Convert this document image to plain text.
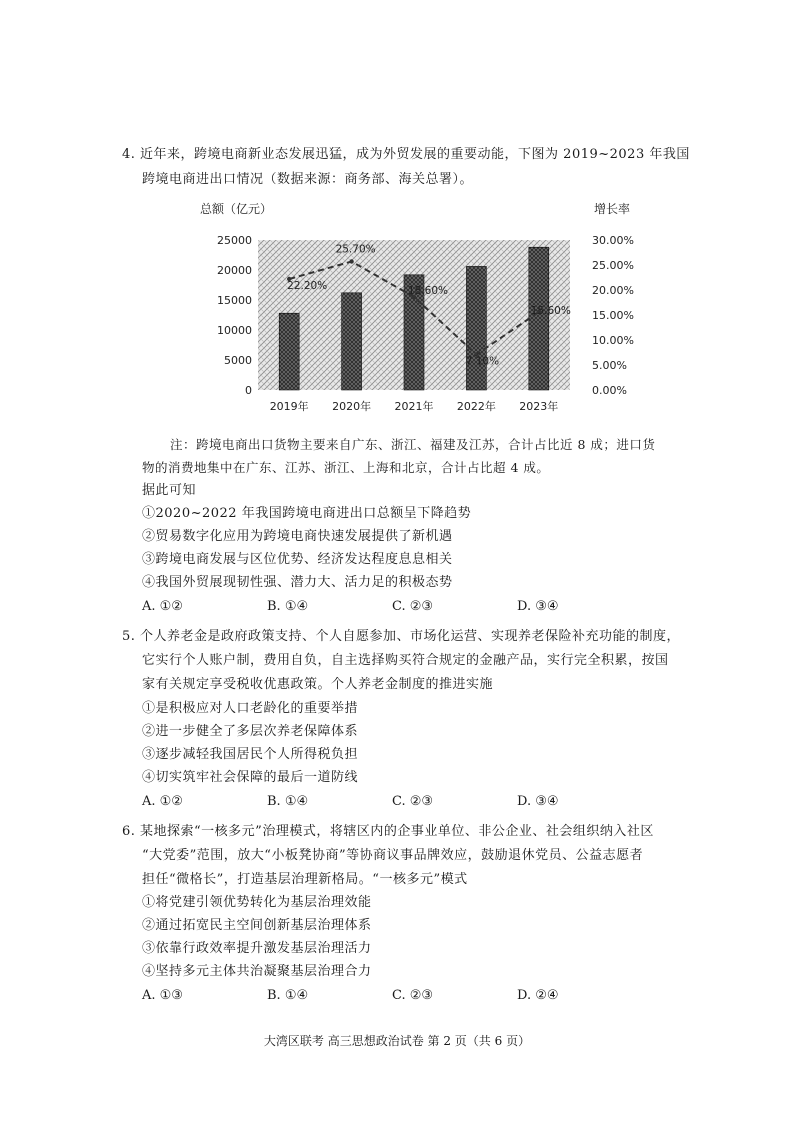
4. 近年来，跨境电商新业态发展迅猛，成为外贸发展的重要动能，下图为 2019~2023 年我国
跨境电商进出口情况（数据来源：商务部、海关总署）。
总额（亿元）	增长率
25000
20000
15000
10000
5000
0
30.00%
25.00%
20.00%
15.00%
10.00%
5.00%
0.00%
22.20%
25.70%
18.60%
7.10%
15.60%
2019年 2020年 2021年 2022年 2023年
注：跨境电商出口货物主要来自广东、浙江、福建及江苏，合计占比近 8 成；进口货
物的消费地集中在广东、江苏、浙江、上海和北京，合计占比超 4 成。
据此可知
①2020~2022 年我国跨境电商进出口总额呈下降趋势
②贸易数字化应用为跨境电商快速发展提供了新机遇
③跨境电商发展与区位优势、经济发达程度息息相关
④我国外贸展现韧性强、潜力大、活力足的积极态势
A. ①②	B. ①④	C. ②③	D. ③④
5. 个人养老金是政府政策支持、个人自愿参加、市场化运营、实现养老保险补充功能的制度，
它实行个人账户制，费用自负，自主选择购买符合规定的金融产品，实行完全积累，按国
家有关规定享受税收优惠政策。个人养老金制度的推进实施
①是积极应对人口老龄化的重要举措
②进一步健全了多层次养老保障体系
③逐步减轻我国居民个人所得税负担
④切实筑牢社会保障的最后一道防线
A. ①②	B. ①④	C. ②③	D. ③④
6. 某地探索“一核多元”治理模式，将辖区内的企事业单位、非公企业、社会组织纳入社区
“大党委”范围，放大“小板凳协商”等协商议事品牌效应，鼓励退休党员、公益志愿者
担任“微格长”，打造基层治理新格局。“一核多元”模式
①将党建引领优势转化为基层治理效能
②通过拓宽民主空间创新基层治理体系
③依靠行政效率提升激发基层治理活力
④坚持多元主体共治凝聚基层治理合力
A. ①③	B. ①④	C. ②③	D. ②④
大湾区联考 高三思想政治试卷 第 2 页（共 6 页）
